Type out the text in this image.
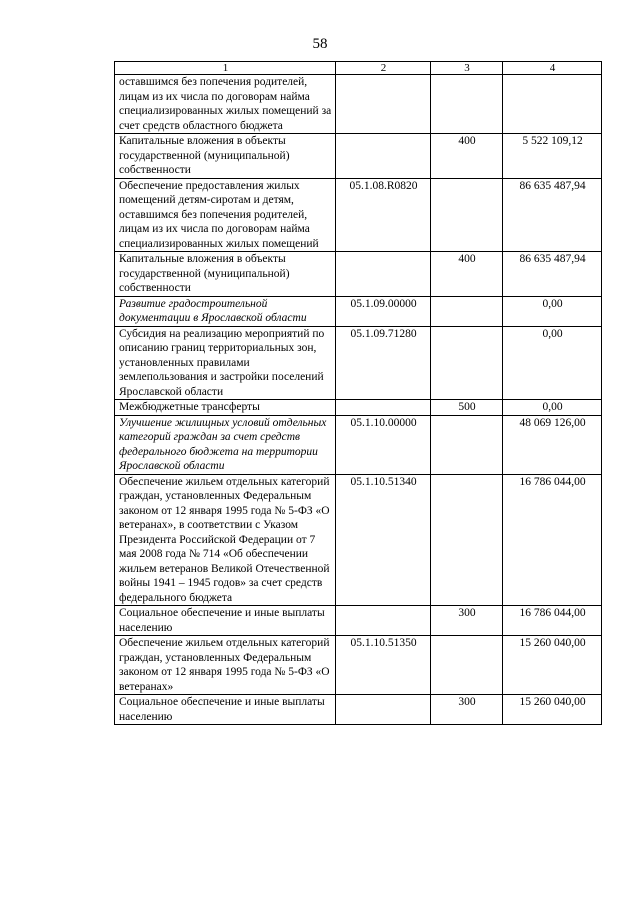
58
1	2	3	4
оставшимся без попечения родителей, лицам из их числа по договорам найма специализированных жилых помещений за счет средств областного бюджета			
Капитальные вложения в объекты государственной (муниципальной) собственности		400	5 522 109,12
Обеспечение предоставления жилых помещений детям-сиротам и детям, оставшимся без попечения родителей, лицам из их числа по договорам найма специализированных жилых помещений	05.1.08.R0820		86 635 487,94
Капитальные вложения в объекты государственной (муниципальной) собственности		400	86 635 487,94
Развитие градостроительной документации в Ярославской области	05.1.09.00000		0,00
Субсидия на реализацию мероприятий по описанию границ территориальных зон, установленных правилами землепользования и застройки поселений Ярославской области	05.1.09.71280		0,00
Межбюджетные трансферты		500	0,00
Улучшение жилищных условий отдельных категорий граждан за счет средств федерального бюджета на территории Ярославской области	05.1.10.00000		48 069 126,00
Обеспечение жильем отдельных категорий граждан, установленных Федеральным законом от 12 января 1995 года № 5-ФЗ «О ветеранах», в соответствии с Указом Президента Российской Федерации от 7 мая 2008 года № 714 «Об обеспечении жильем ветеранов Великой Отечественной войны 1941 – 1945 годов» за счет средств федерального бюджета	05.1.10.51340		16 786 044,00
Социальное обеспечение и иные выплаты населению		300	16 786 044,00
Обеспечение жильем отдельных категорий граждан, установленных Федеральным законом от 12 января 1995 года № 5-ФЗ «О ветеранах»	05.1.10.51350		15 260 040,00
Социальное обеспечение и иные выплаты населению		300	15 260 040,00
